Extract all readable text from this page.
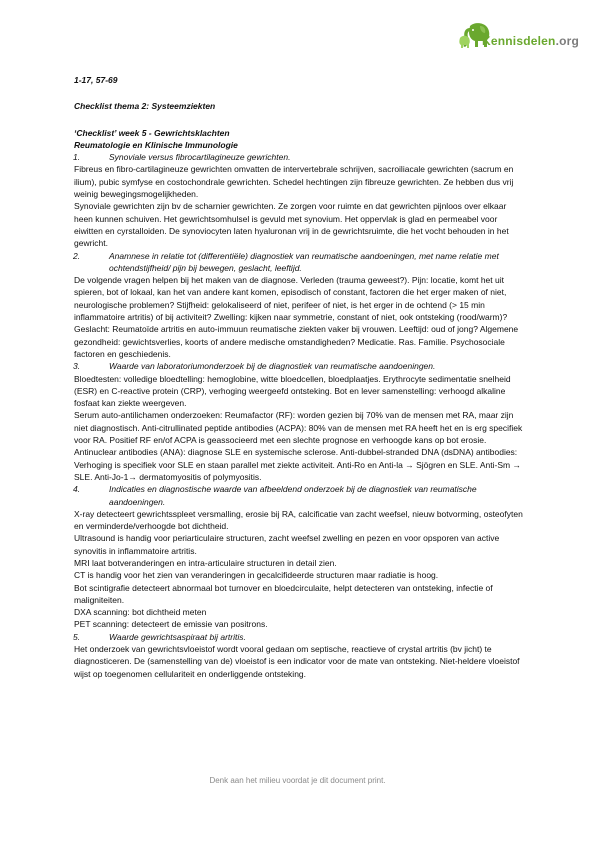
Kennisdelen.org

1-17, 57-69

Checklist thema 2: Systeemziekten

‘Checklist’ week 5 - Gewrichtsklachten

Reumatologie en Klinische Immunologie

1.	Synoviale versus fibrocartilagineuze gewrichten.

Fibreus en fibro-cartilagineuze gewrichten omvatten de intervertebrale schrijven, sacroiliacale gewrichten (sacrum en ilium), pubic symfyse en costochondrale gewrichten. Schedel hechtingen zijn fibreuze gewrichten. Ze hebben dus vrij weinig bewegingsmogelijkheden.

Synoviale gewrichten zijn bv de scharnier gewrichten. Ze zorgen voor ruimte en dat gewrichten pijnloos over elkaar heen kunnen schuiven. Het gewrichtsomhulsel is gevuld met synovium. Het oppervlak is glad en permeabel voor eiwitten en cyrstalloiden. De synoviocyten laten hyaluronan vrij in de gewrichtsruimte, die het vocht behouden in het gewricht.

2.	Anamnese in relatie tot (differentiële) diagnostiek van reumatische aandoeningen, met name relatie met ochtendstijfheid/ pijn bij bewegen, geslacht, leeftijd.

De volgende vragen helpen bij het maken van de diagnose. Verleden (trauma geweest?). Pijn: locatie, komt het uit spieren, bot of lokaal, kan het van andere kant komen, episodisch of constant, factoren die het erger maken of niet, neurologische problemen? Stijfheid: gelokaliseerd of niet, perifeer of niet, is het erger in de ochtend (> 15 min inflammatoire artritis) of bij activiteit? Zwelling: kijken naar symmetrie, constant of niet, ook ontsteking (rood/warm)? Geslacht: Reumatoïde artritis en auto-immuun reumatische ziekten vaker bij vrouwen. Leeftijd: oud of jong? Algemene gezondheid: gewichtsverlies, koorts of andere medische omstandigheden? Medicatie. Ras. Familie. Psychosociale factoren en geschiedenis.

3.	Waarde van laboratoriumonderzoek bij de diagnostiek van reumatische aandoeningen.

Bloedtesten: volledige bloedtelling: hemoglobine, witte bloedcellen, bloedplaatjes. Erythrocyte sedimentatie snelheid (ESR) en C-reactive protein (CRP), verhoging weergeefd ontsteking. Bot en lever samenstelling: verhoogd alkaline fosfaat kan ziekte weergeven.

Serum auto-antilichamen onderzoeken: Reumafactor (RF): worden gezien bij 70% van de mensen met RA, maar zijn niet diagnostisch. Anti-citrullinated peptide antibodies (ACPA): 80% van de mensen met RA heeft het en is erg specifiek voor RA. Positief RF en/of ACPA is geassocieerd met een slechte prognose en verhoogde kans op bot erosie. Antinuclear antibodies (ANA): diagnose SLE en systemische sclerose. Anti-dubbel-stranded DNA (dsDNA) antibodies: Verhoging is specifiek voor SLE en staan parallel met ziekte activiteit. Anti-Ro en Anti-la → Sjögren en SLE. Anti-Sm → SLE. Anti-Jo-1→ dermatomyositis of polymyositis.

4.	Indicaties en diagnostische waarde van afbeeldend onderzoek bij de diagnostiek van reumatische aandoeningen.

X-ray detecteert gewrichtsspleet versmalling, erosie bij RA, calcificatie van zacht weefsel, nieuw botvorming, osteofyten en verminderde/verhoogde bot dichtheid.

Ultrasound is handig voor periarticulaire structuren, zacht weefsel zwelling en pezen en voor opsporen van active synovitis in inflammatoire artritis.

MRI laat botveranderingen en intra-articulaire structuren in detail zien.

CT is handig voor het zien van veranderingen in gecalcifideerde structuren maar radiatie is hoog.

Bot scintigrafie detecteert abnormaal bot turnover en bloedcirculaite, helpt detecteren van ontsteking, infectie of maligniteiten.

DXA scanning: bot dichtheid meten

PET scanning: detecteert de emissie van positrons.

5.	Waarde gewrichtsaspiraat bij artritis.

Het onderzoek van gewrichtsvloeistof wordt vooral gedaan om septische, reactieve of crystal artritis (bv jicht) te diagnosticeren. De (samenstelling van de) vloeistof is een indicator voor de mate van ontsteking. Niet-heldere vloeistof wijst op toegenomen cellulariteit en onderliggende ontsteking.

Denk aan het milieu voordat je dit document print.
